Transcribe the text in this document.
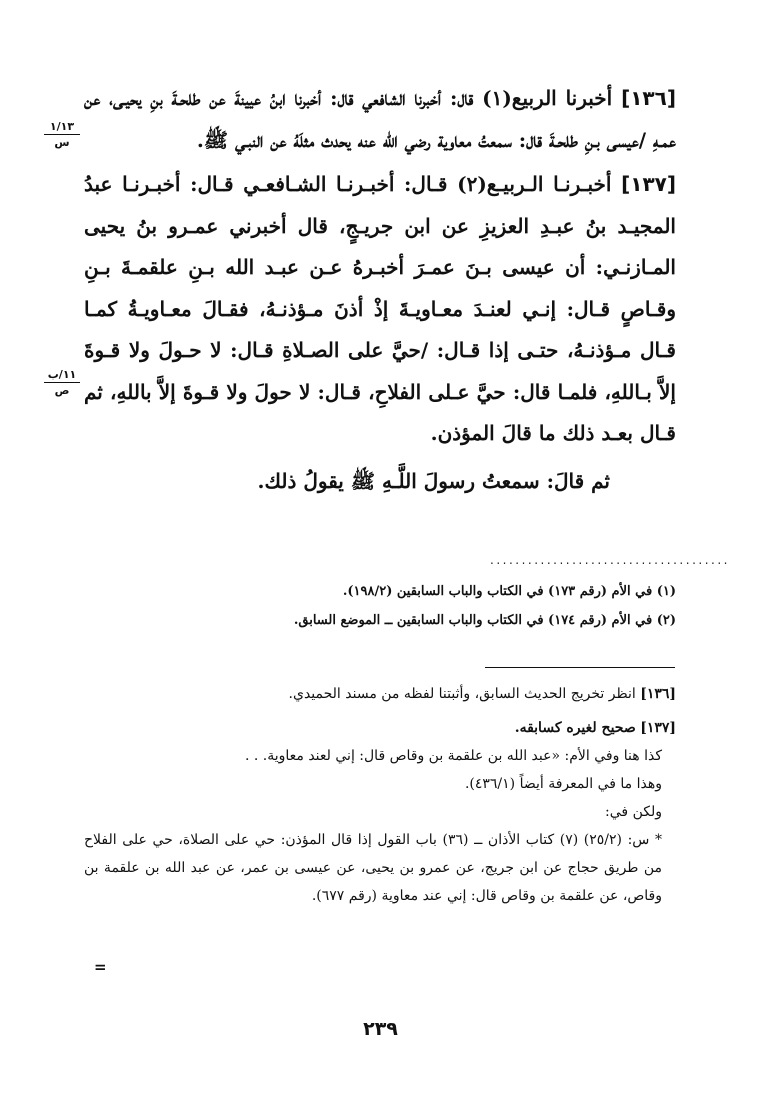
[١٣٦] أخبرنا الربيع(١) قال: أخبرنا الشافعي قال: أخبرنا ابنُ عيينةَ عن طلحـةَ بنِ يحيـى، عن عمـهِ /عيسى بـنِ طلحـةَ قال: سمعتُ معاوية رضي الله عنه يحدث مثلَهُ عن النبـي ﷺ.

[١٣٧] أخبـرنـا الـربيـع(٢) قـال: أخبـرنـا الشـافعـي قـال: أخبـرنـا عبدُ المجيـد بنُ عبـدِ العزيزِ عن ابن جريـجٍ، قال أخبرني عمـرو بنُ يحيى المـازنـي: أن عيسى بـنَ عمـرَ أخبـرهُ عـن عبـد الله بـنِ علقمـةَ بـنِ وقـاصٍ قـال: إنـي لعنـدَ معـاويـةَ إذْ أذنَ مـؤذنـهُ، فقـالَ معـاويـةُ كمـا قـال مـؤذنـهُ، حتـى إذا قـال: /حيَّ على الصـلاةِ قـال: لا حـولَ ولا قـوةَ إلاَّ بـاللهِ، فلمـا قال: حيَّ عـلى الفلاحِ، قـال: لا حولَ ولا قـوةَ إلاَّ باللهِ، ثم قـال بعـد ذلك ما قالَ المؤذن.

ثم قالَ: سمعتُ رسولَ اللَّـهِ ﷺ يقولُ ذلك.

١/١٣
س
١١/ب
ص
......................................
(١) في الأم (رقم ١٧٣) في الكتاب والباب السابقين (١٩٨/٢).
(٢) في الأم (رقم ١٧٤) في الكتاب والباب السابقين ــ الموضع السابق.
[١٣٦] انظر تخريج الحديث السابق، وأثبتنا لفظه من مسند الحميدي.
[١٣٧] صحيح لغيره كسابقه.
كذا هنا وفي الأم: «عبد الله بن علقمة بن وقاص قال: إني لعند معاوية. . .
وهذا ما في المعرفة أيضاً (٤٣٦/١).
ولكن في:
* س: (٢٥/٢) (٧) كتاب الأذان ــ (٣٦) باب القول إذا قال المؤذن: حي على الصلاة، حي على الفلاح من طريق حجاج عن ابن جريج، عن عمرو بن يحيى، عن عيسى بن عمر، عن عبد الله بن علقمة بن وقاص، عن علقمة بن وقاص قال: إني عند معاوية (رقم ٦٧٧).
=
٢٣٩
